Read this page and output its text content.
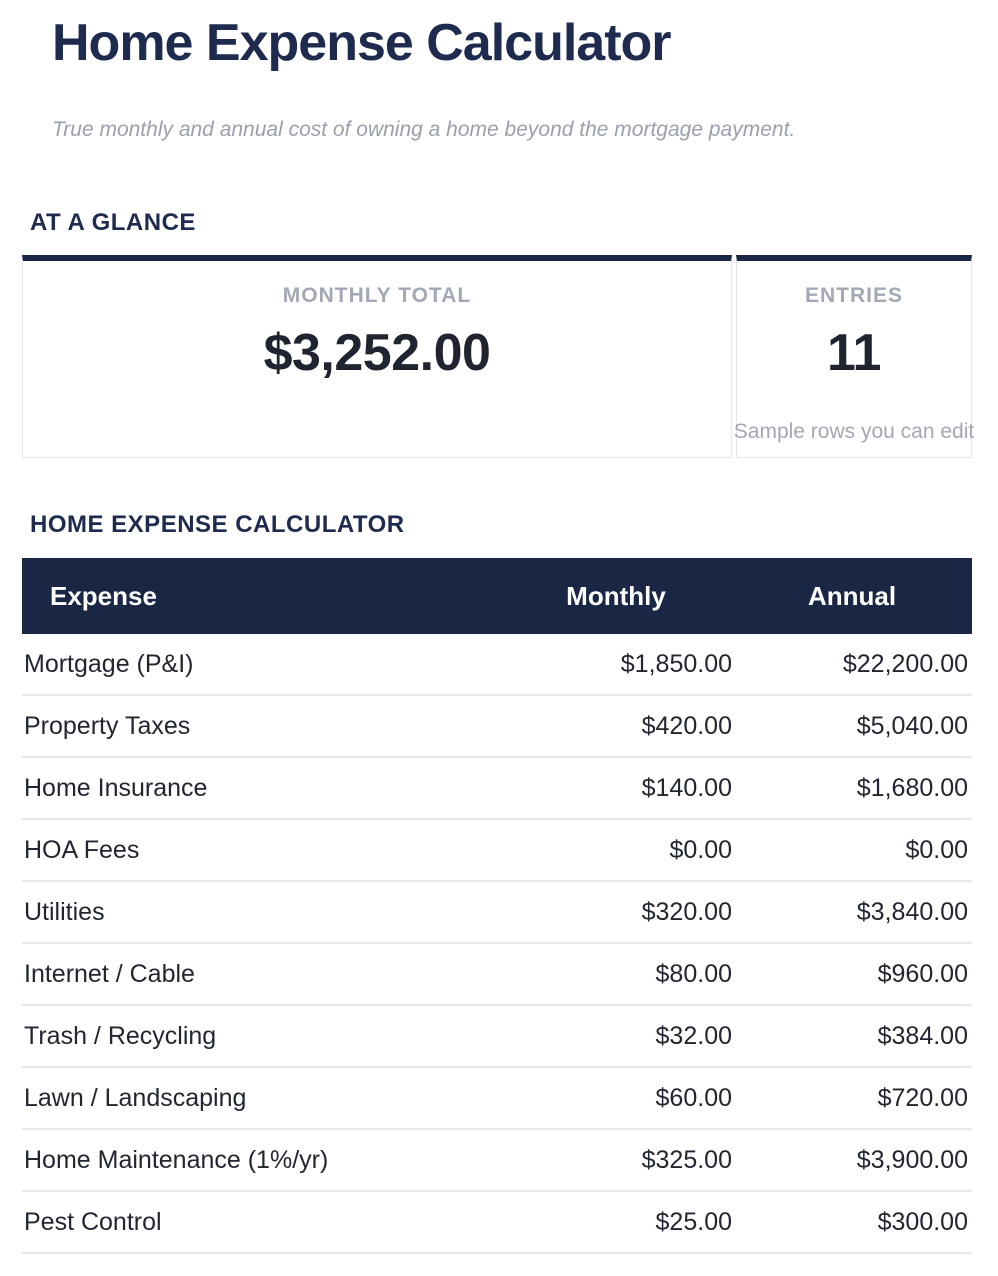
Home Expense Calculator

True monthly and annual cost of owning a home beyond the mortgage payment.

AT A GLANCE
MONTHLY TOTAL
$3,252.00
ENTRIES
11
Sample rows you can edit
HOME EXPENSE CALCULATOR
Expense	Monthly	Annual
Mortgage (P&I)	$1,850.00	$22,200.00
Property Taxes	$420.00	$5,040.00
Home Insurance	$140.00	$1,680.00
HOA Fees	$0.00	$0.00
Utilities	$320.00	$3,840.00
Internet / Cable	$80.00	$960.00
Trash / Recycling	$32.00	$384.00
Lawn / Landscaping	$60.00	$720.00
Home Maintenance (1%/yr)	$325.00	$3,900.00
Pest Control	$25.00	$300.00
